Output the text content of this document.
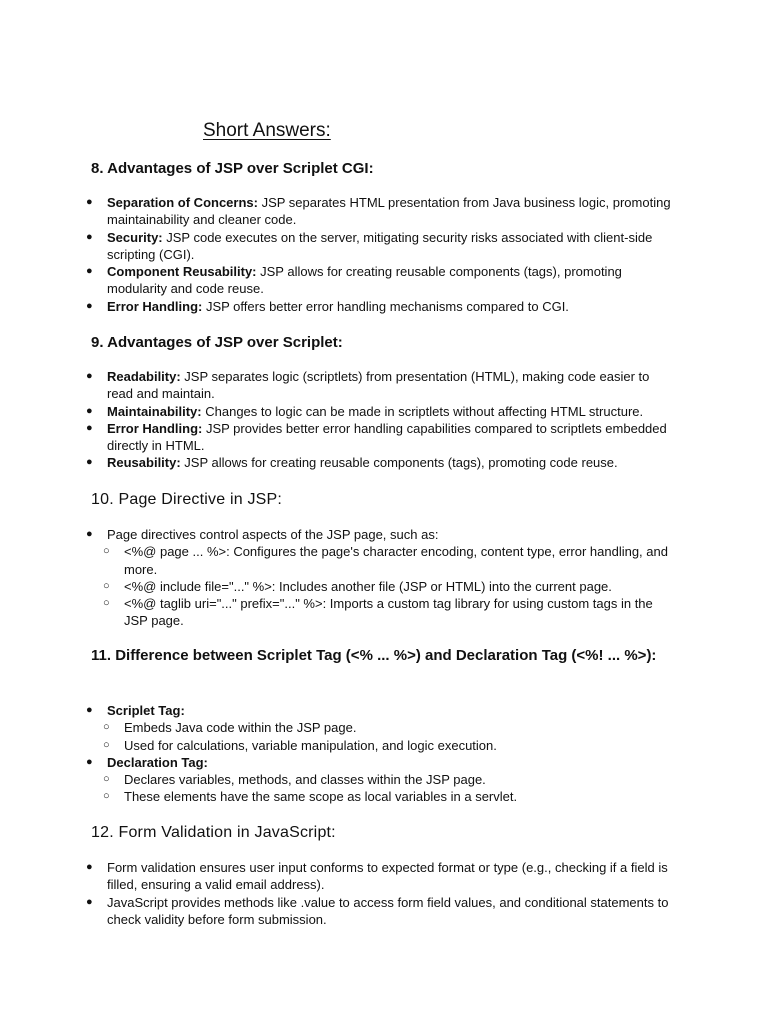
Short Answers:
8. Advantages of JSP over Scriplet CGI:
● Separation of Concerns: JSP separates HTML presentation from Java business logic, promoting maintainability and cleaner code.
● Security: JSP code executes on the server, mitigating security risks associated with client-side scripting (CGI).
● Component Reusability: JSP allows for creating reusable components (tags), promoting modularity and code reuse.
● Error Handling: JSP offers better error handling mechanisms compared to CGI.
9. Advantages of JSP over Scriplet:
● Readability: JSP separates logic (scriptlets) from presentation (HTML), making code easier to read and maintain.
● Maintainability: Changes to logic can be made in scriptlets without affecting HTML structure.
● Error Handling: JSP provides better error handling capabilities compared to scriptlets embedded directly in HTML.
● Reusability: JSP allows for creating reusable components (tags), promoting code reuse.
10. Page Directive in JSP:
● Page directives control aspects of the JSP page, such as:
○ <%@ page ... %>: Configures the page's character encoding, content type, error handling, and more.
○ <%@ include file="..." %>: Includes another file (JSP or HTML) into the current page.
○ <%@ taglib uri="..." prefix="..." %>: Imports a custom tag library for using custom tags in the JSP page.
11. Difference between Scriplet Tag (<% ... %>) and Declaration Tag (<%! ... %>):
● Scriplet Tag:
○ Embeds Java code within the JSP page.
○ Used for calculations, variable manipulation, and logic execution.
● Declaration Tag:
○ Declares variables, methods, and classes within the JSP page.
○ These elements have the same scope as local variables in a servlet.
12. Form Validation in JavaScript:
● Form validation ensures user input conforms to expected format or type (e.g., checking if a field is filled, ensuring a valid email address).
● JavaScript provides methods like .value to access form field values, and conditional statements to check validity before form submission.
